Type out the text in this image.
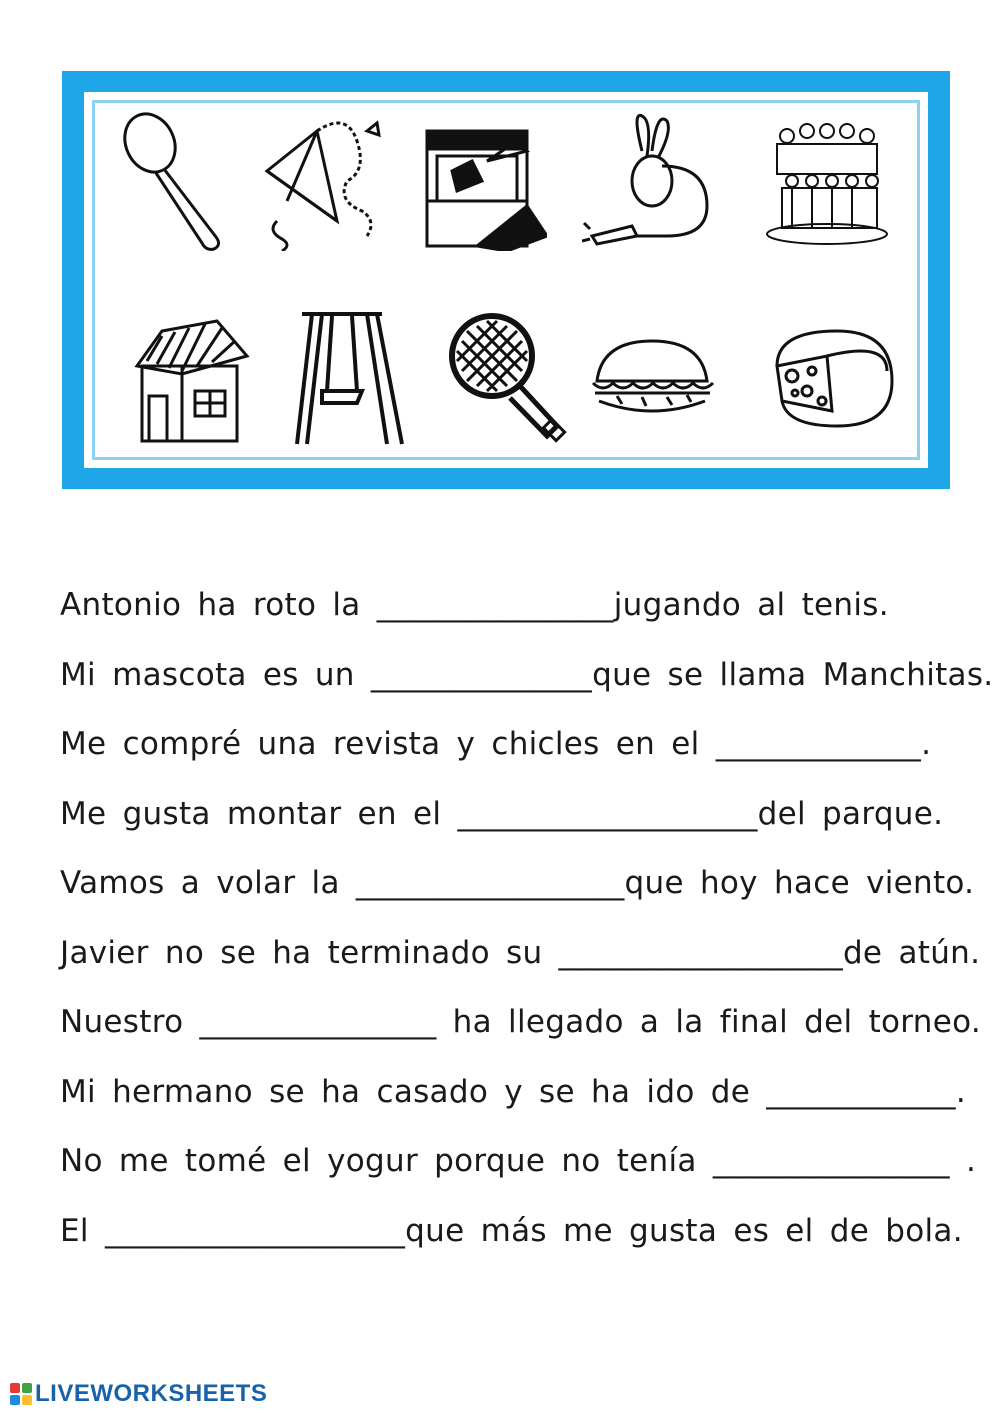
Antonio ha roto la _______________jugando al tenis.
Mi mascota es un ______________que se llama Manchitas.
Me compré una revista y chicles en el _____________.
Me gusta montar en el ___________________del parque.
Vamos a volar la _________________que hoy hace viento.
Javier no se ha terminado su __________________de atún.
Nuestro _______________ ha llegado a la final del torneo.
Mi hermano se ha casado y se ha ido de ____________.
No me tomé el yogur porque no tenía _______________ .
El ___________________que más me gusta es el de bola.
LIVEWORKSHEETS
